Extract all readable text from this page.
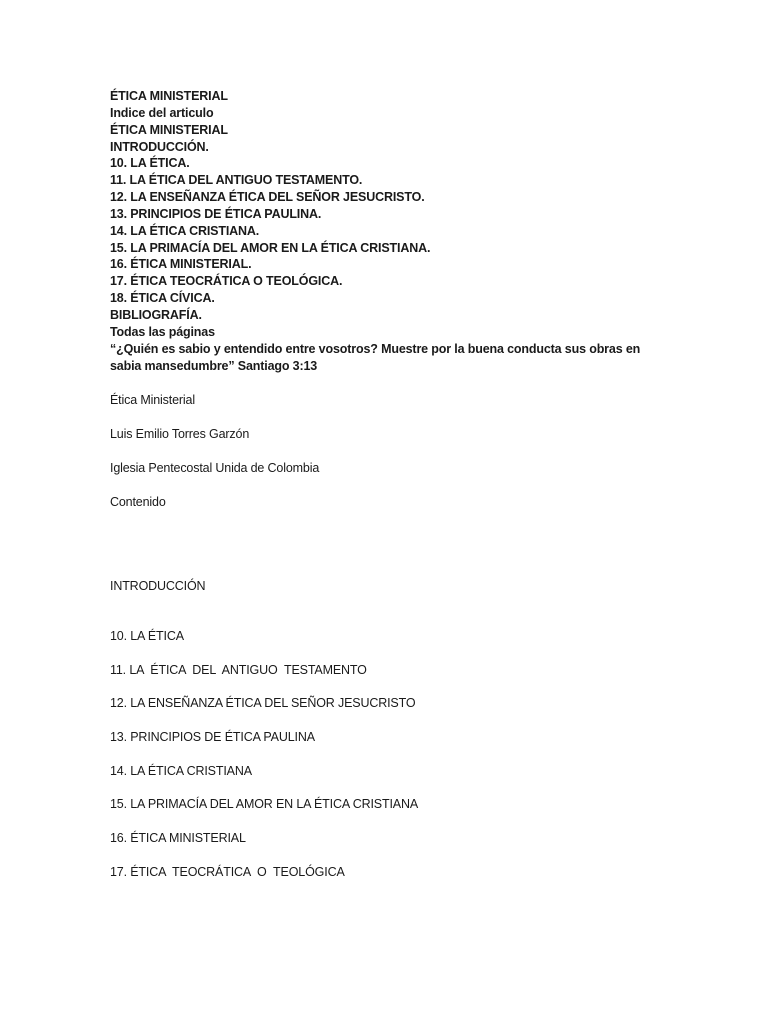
ÉTICA MINISTERIAL
Indice del articulo
ÉTICA MINISTERIAL
INTRODUCCIÓN.
10. LA ÉTICA.
11. LA ÉTICA DEL ANTIGUO TESTAMENTO.
12. LA ENSEÑANZA ÉTICA DEL SEÑOR JESUCRISTO.
13. PRINCIPIOS DE ÉTICA PAULINA.
14. LA ÉTICA CRISTIANA.
15. LA PRIMACÍA DEL AMOR EN LA ÉTICA CRISTIANA.
16. ÉTICA MINISTERIAL.
17. ÉTICA TEOCRÁTICA O TEOLÓGICA.
18. ÉTICA CÍVICA.
BIBLIOGRAFÍA.
Todas las páginas
“¿Quién es sabio y entendido entre vosotros? Muestre por la buena conducta sus obras en sabia mansedumbre” Santiago 3:13
Ética Ministerial
Luis Emilio Torres Garzón
Iglesia Pentecostal Unida de Colombia
Contenido
INTRODUCCIÓN
10. LA ÉTICA
11. LA  ÉTICA  DEL  ANTIGUO  TESTAMENTO
12. LA ENSEÑANZA ÉTICA DEL SEÑOR JESUCRISTO
13. PRINCIPIOS DE ÉTICA PAULINA
14. LA ÉTICA CRISTIANA
15. LA PRIMACÍA DEL AMOR EN LA ÉTICA CRISTIANA
16. ÉTICA MINISTERIAL
17. ÉTICA  TEOCRÁTICA  O  TEOLÓGICA
